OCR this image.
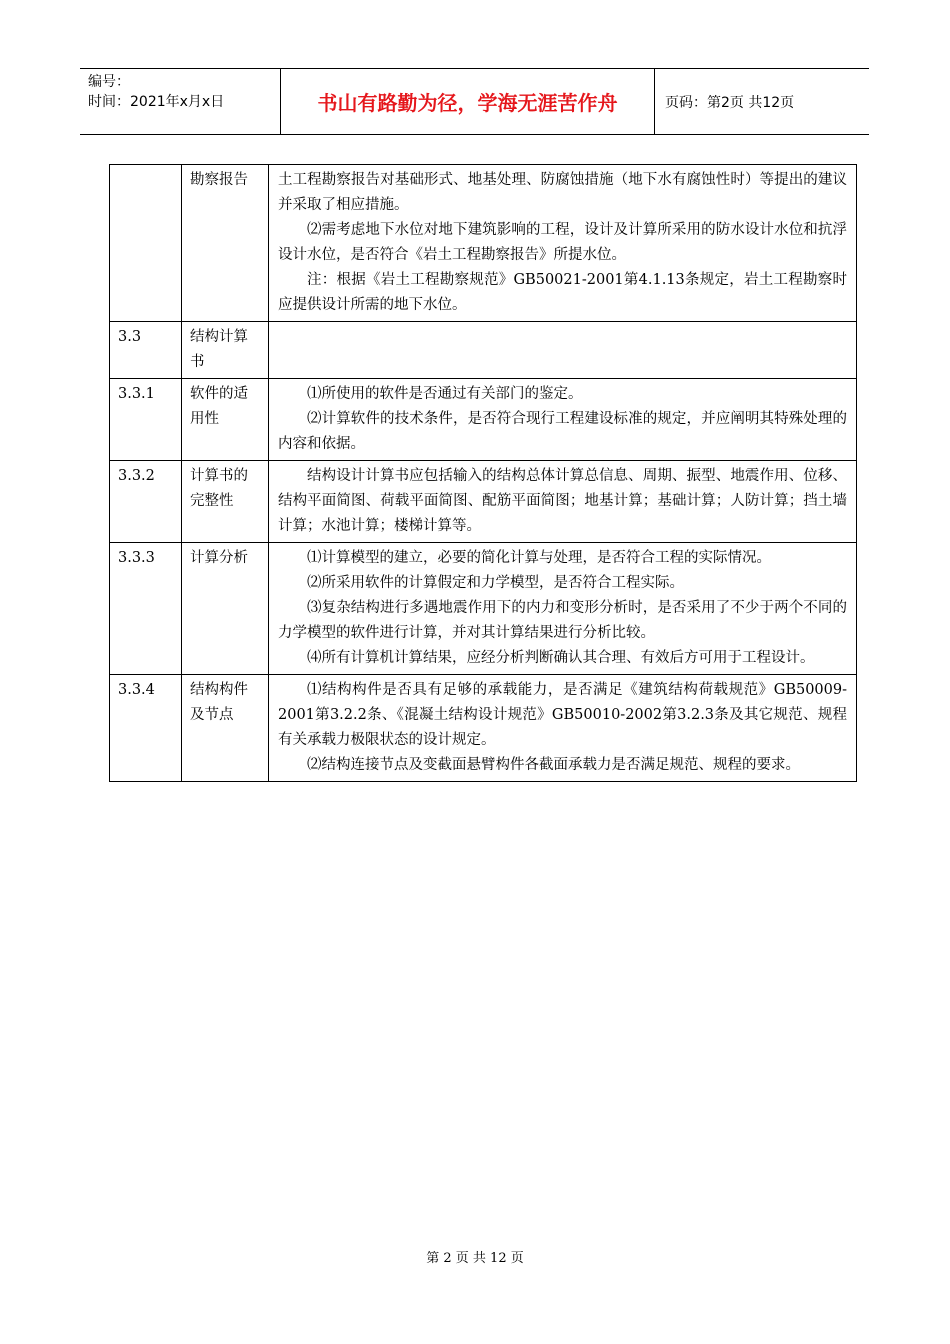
编号：
时间：2021年x月x日	书山有路勤为径，学海无涯苦作舟	页码：第2页 共12页
	勘察报告	土工程勘察报告对基础形式、地基处理、防腐蚀措施（地下水有腐蚀性时）等提出的建议并采取了相应措施。

⑵需考虑地下水位对地下建筑影响的工程，设计及计算所采用的防水设计水位和抗浮设计水位，是否符合《岩土工程勘察报告》所提水位。

注：根据《岩土工程勘察规范》GB50021-2001第4.1.13条规定，岩土工程勘察时应提供设计所需的地下水位。

3.3	结构计算书	
3.3.1	软件的适用性	⑴所使用的软件是否通过有关部门的鉴定。

⑵计算软件的技术条件，是否符合现行工程建设标准的规定，并应阐明其特殊处理的内容和依据。

3.3.2	计算书的完整性	结构设计计算书应包括输入的结构总体计算总信息、周期、振型、地震作用、位移、结构平面简图、荷载平面简图、配筋平面简图；地基计算；基础计算；人防计算；挡土墙计算；水池计算；楼梯计算等。

3.3.3	计算分析	⑴计算模型的建立，必要的简化计算与处理，是否符合工程的实际情况。

⑵所采用软件的计算假定和力学模型，是否符合工程实际。

⑶复杂结构进行多遇地震作用下的内力和变形分析时，是否采用了不少于两个不同的力学模型的软件进行计算，并对其计算结果进行分析比较。

⑷所有计算机计算结果，应经分析判断确认其合理、有效后方可用于工程设计。

3.3.4	结构构件及节点	⑴结构构件是否具有足够的承载能力，是否满足《建筑结构荷载规范》GB50009-2001第3.2.2条、《混凝土结构设计规范》GB50010-2002第3.2.3条及其它规范、规程有关承载力极限状态的设计规定。

⑵结构连接节点及变截面悬臂构件各截面承载力是否满足规范、规程的要求。

第 2 页 共 12 页
